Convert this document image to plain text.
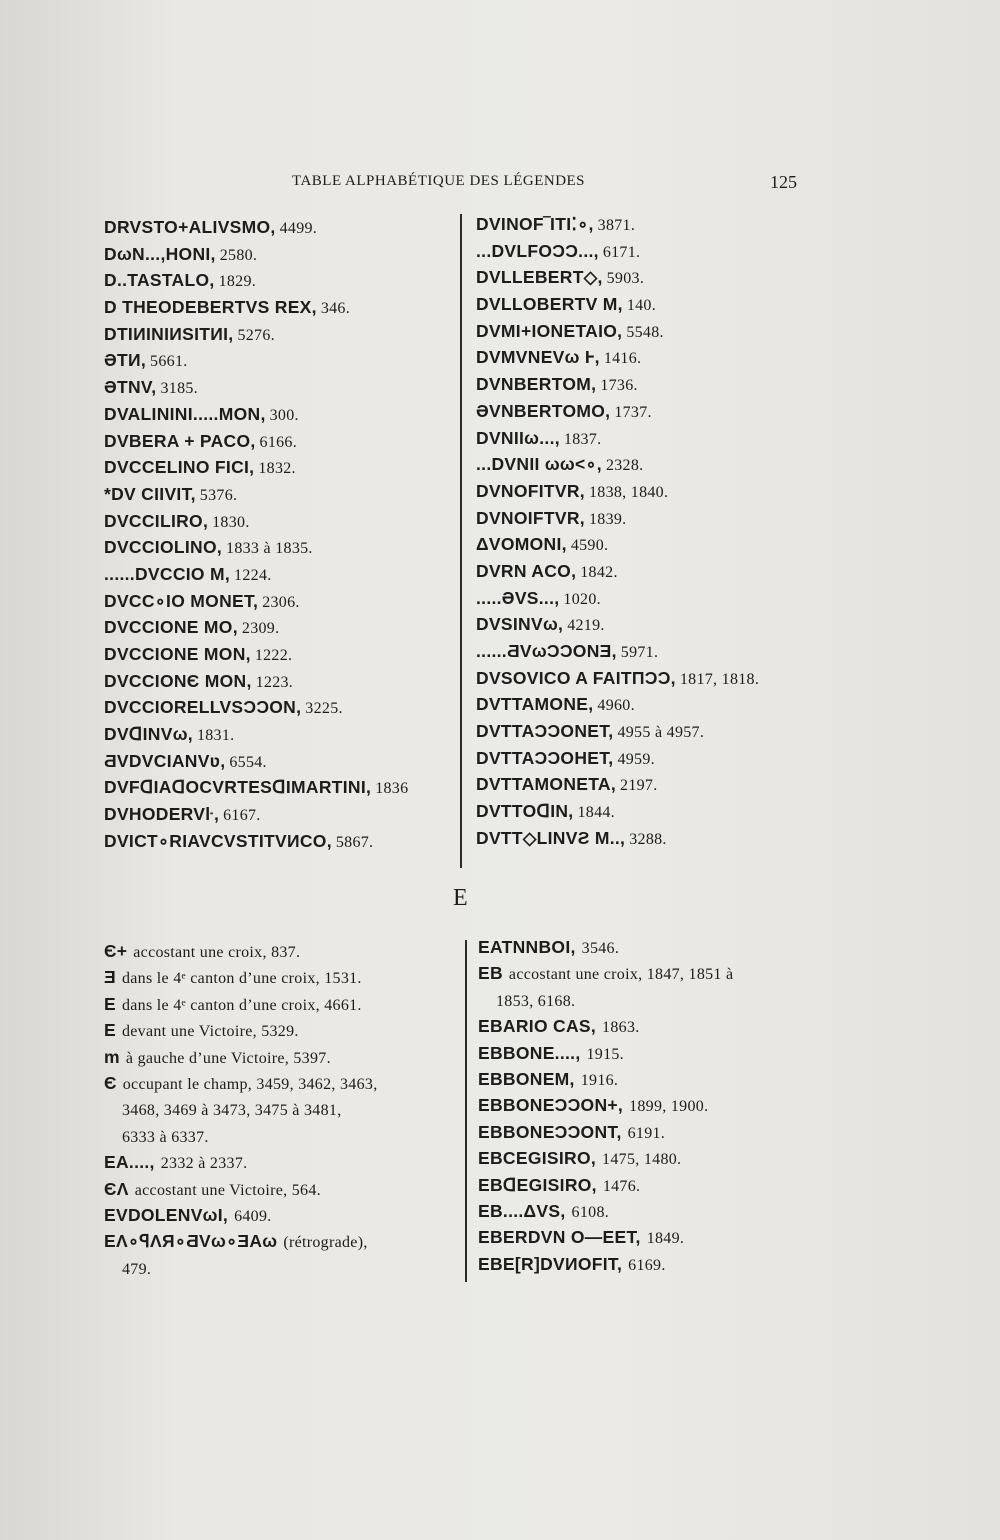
TABLE ALPHABÉTIQUE DES LÉGENDES	125
DRVSTO+ALIVSMO, 4499.
DωN...,HONI, 2580.
D..TASTALO, 1829.
D THEODEBERTVS REX, 346.
DTIИINIИSITИI, 5276.
ƏTИ, 5661.
ƏTNV, 3185.
DVALININI.....MON, 300.
DVBERA + PACO, 6166.
DVCCELINO FICI, 1832.
*DV CIIVIT, 5376.
DVCCILIRO, 1830.
DVCCIOLINO, 1833 à 1835.
......DVCCIO M, 1224.
DVCC∘IO MONET, 2306.
DVCCIONE MO, 2309.
DVCCIONE MON, 1222.
DVCCIONЄ MON, 1223.
DVCCIORELLVSƆƆON, 3225.
DVꓷINVω, 1831.
ƋVDVCIANVʋ, 6554.
DVFꓷIAꓷOCVRTESꓷIMARTINI, 1836
DVHODERVŀ, 6167.
DVICT∘RIAVCVSTITVИCO, 5867.
DVINOF‾ITI⁚∘, 3871.
...DVLFOƆƆ..., 6171.
DVLLEBERT◇, 5903.
DVLLOBERTV M, 140.
DVMI+IONETAIO, 5548.
DVMVNEVω Ⱶ, 1416.
DVNBERTOM, 1736.
ƏVNBERTOMO, 1737.
DVNIIω..., 1837.
...DVNII ωω<∘, 2328.
DVNOFITVR, 1838, 1840.
DVNOIFTVR, 1839.
ΔVOMONI, 4590.
DVRN ACO, 1842.
.....ƏVS..., 1020.
DVSINVω, 4219.
......ƋVωƆƆONƎ, 5971.
DVSOVICO A FAITΠƆƆ, 1817, 1818.
DVTTAMONE, 4960.
DVTTAƆƆONET, 4955 à 4957.
DVTTAƆƆOHET, 4959.
DVTTAMONETA, 2197.
DVTTOꓷIN, 1844.
DVTT◇LINVƧ M.., 3288.
E
Є+ accostant une croix, 837.
Ǝ dans le 4ᵉ canton d’une croix, 1531.
E dans le 4ᵉ canton d’une croix, 4661.
E devant une Victoire, 5329.
m à gauche d’une Victoire, 5397.
Є occupant le champ, 3459, 3462, 3463,
3468, 3469 à 3473, 3475 à 3481,
6333 à 6337.
EA...., 2332 à 2337.
ЄΛ accostant une Victoire, 564.
EVDOLENVωI, 6409.
EΛ∘ꟼΛЯ∘ƋVω∘ƎAω (rétrograde),
479.
EATNNBOI, 3546.
EB accostant une croix, 1847, 1851 à
1853, 6168.
EBARIO CAS, 1863.
EBBONE...., 1915.
EBBONEM, 1916.
EBBONEƆƆON+, 1899, 1900.
EBBONEƆƆONT, 6191.
EBCEGISIRO, 1475, 1480.
EBꓷEGISIRO, 1476.
EB....ΔVS, 6108.
EBERDVN O—EET, 1849.
EBE[R]DVИOFIT, 6169.
